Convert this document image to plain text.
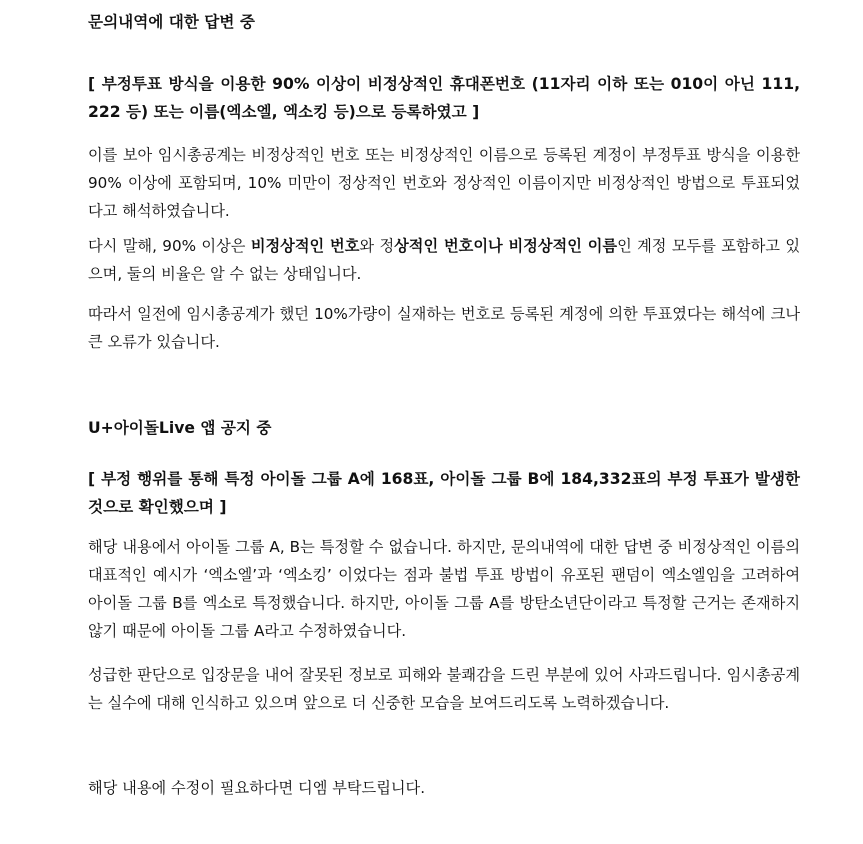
문의내역에 대한 답변 중

[ 부정투표 방식을 이용한 90% 이상이 비정상적인 휴대폰번호 (11자리 이하 또는 010이 아닌 111, 222 등) 또는 이름(엑소엘, 엑소킹 등)으로 등록하였고 ]

이를 보아 임시총공계는 비정상적인 번호 또는 비정상적인 이름으로 등록된 계정이 부정투표 방식을 이용한 90% 이상에 포함되며, 10% 미만이 정상적인 번호와 정상적인 이름이지만 비정상적인 방법으로 투표되었다고 해석하였습니다.

다시 말해, 90% 이상은 비정상적인 번호와 정상적인 번호이나 비정상적인 이름인 계정 모두를 포함하고 있으며, 둘의 비율은 알 수 없는 상태입니다.

따라서 일전에 임시총공계가 했던 10%가량이 실재하는 번호로 등록된 계정에 의한 투표였다는 해석에 크나큰 오류가 있습니다.

U+아이돌Live 앱 공지 중

[ 부정 행위를 통해 특정 아이돌 그룹 A에 168표, 아이돌 그룹 B에 184,332표의 부정 투표가 발생한 것으로 확인했으며 ]

해당 내용에서 아이돌 그룹 A, B는 특정할 수 없습니다. 하지만, 문의내역에 대한 답변 중 비정상적인 이름의 대표적인 예시가 ‘엑소엘’과 ‘엑소킹’ 이었다는 점과 불법 투표 방법이 유포된 팬덤이 엑소엘임을 고려하여 아이돌 그룹 B를 엑소로 특정했습니다. 하지만, 아이돌 그룹 A를 방탄소년단이라고 특정할 근거는 존재하지 않기 때문에 아이돌 그룹 A라고 수정하였습니다.

성급한 판단으로 입장문을 내어 잘못된 정보로 피해와 불쾌감을 드린 부분에 있어 사과드립니다. 임시총공계는 실수에 대해 인식하고 있으며 앞으로 더 신중한 모습을 보여드리도록 노력하겠습니다.

해당 내용에 수정이 필요하다면 디엠 부탁드립니다.
